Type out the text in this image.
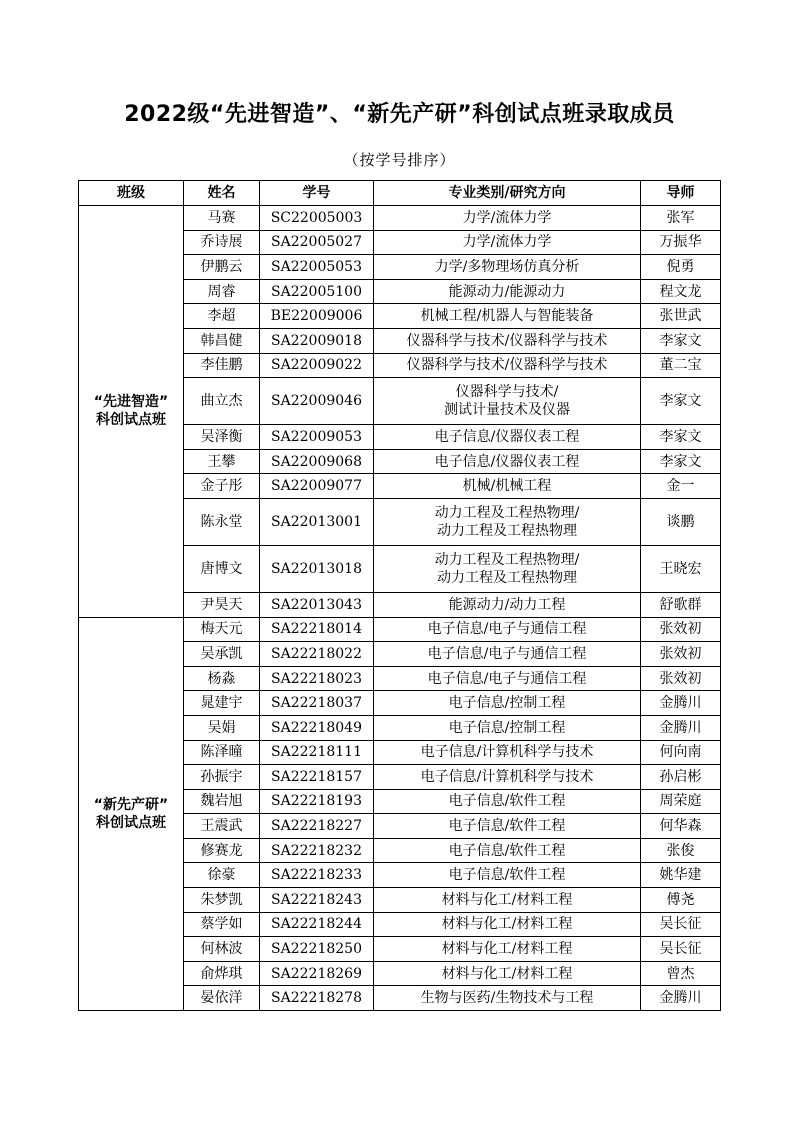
2022级“先进智造”、“新先产研”科创试点班录取成员
（按学号排序）
班级	姓名	学号	专业类别/研究方向	导师

“先进智造”
科创试点班	马赛	SC22005003	力学/流体力学	张军
	乔诗展	SA22005027	力学/流体力学	万振华
	伊鹏云	SA22005053	力学/多物理场仿真分析	倪勇
	周睿	SA22005100	能源动力/能源动力	程文龙
	李超	BE22009006	机械工程/机器人与智能装备	张世武
	韩昌健	SA22009018	仪器科学与技术/仪器科学与技术	李家文
	李佳鹏	SA22009022	仪器科学与技术/仪器科学与技术	董二宝
	曲立杰	SA22009046	仪器科学与技术/
测试计量技术及仪器	李家文
	吴泽衡	SA22009053	电子信息/仪器仪表工程	李家文
	王攀	SA22009068	电子信息/仪器仪表工程	李家文
	金子彤	SA22009077	机械/机械工程	金一
	陈永堂	SA22013001	动力工程及工程热物理/
动力工程及工程热物理	谈鹏
	唐博文	SA22013018	动力工程及工程热物理/
动力工程及工程热物理	王晓宏
	尹昊天	SA22013043	能源动力/动力工程	舒歌群

“新先产研”
科创试点班	梅天元	SA22218014	电子信息/电子与通信工程	张效初
	吴承凯	SA22218022	电子信息/电子与通信工程	张效初
	杨淼	SA22218023	电子信息/电子与通信工程	张效初
	晁建宇	SA22218037	电子信息/控制工程	金腾川
	吴娟	SA22218049	电子信息/控制工程	金腾川
	陈泽曈	SA22218111	电子信息/计算机科学与技术	何向南
	孙振宇	SA22218157	电子信息/计算机科学与技术	孙启彬
	魏岩旭	SA22218193	电子信息/软件工程	周荣庭
	王震武	SA22218227	电子信息/软件工程	何华森
	修赛龙	SA22218232	电子信息/软件工程	张俊
	徐豪	SA22218233	电子信息/软件工程	姚华建
	朱梦凯	SA22218243	材料与化工/材料工程	傅尧
	蔡学如	SA22218244	材料与化工/材料工程	吴长征
	何林波	SA22218250	材料与化工/材料工程	吴长征
	俞烨琪	SA22218269	材料与化工/材料工程	曾杰
	晏依洋	SA22218278	生物与医药/生物技术与工程	金腾川
